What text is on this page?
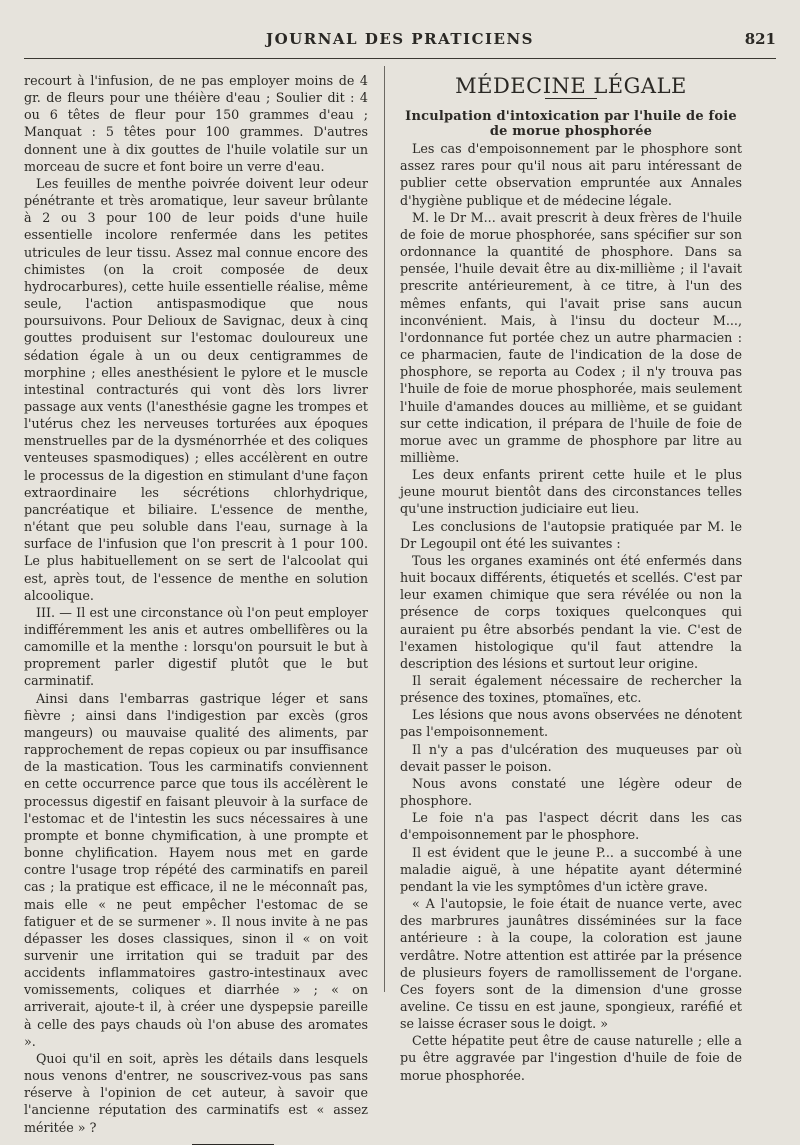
JOURNAL DES PRATICIENS	821

recourt à l'infusion, de ne pas employer moins de 4 gr. de fleurs pour une théière d'eau ; Soulier dit : 4 ou 6 têtes de fleur pour 150 grammes d'eau ; Manquat : 5 têtes pour 100 grammes. D'autres donnent une à dix gouttes de l'huile volatile sur un morceau de sucre et font boire un verre d'eau.

Les feuilles de menthe poivrée doivent leur odeur pénétrante et très aromatique, leur saveur brûlante à 2 ou 3 pour 100 de leur poids d'une huile essentielle incolore renfermée dans les petites utricules de leur tissu. Assez mal connue encore des chimistes (on la croit composée de deux hydrocarbures), cette huile essentielle réalise, même seule, l'action antispasmodique que nous poursuivons. Pour Delioux de Savignac, deux à cinq gouttes produisent sur l'estomac douloureux une sédation égale à un ou deux centigrammes de morphine ; elles anesthésient le pylore et le muscle intestinal contracturés qui vont dès lors livrer passage aux vents (l'anesthésie gagne les trompes et l'utérus chez les nerveuses torturées aux époques menstruelles par de la dysménorrhée et des coliques venteuses spasmodiques) ; elles accélèrent en outre le processus de la digestion en stimulant d'une façon extraordinaire les sécrétions chlorhydrique, pancréatique et biliaire. L'essence de menthe, n'étant que peu soluble dans l'eau, surnage à la surface de l'infusion que l'on prescrit à 1 pour 100. Le plus habituellement on se sert de l'alcoolat qui est, après tout, de l'essence de menthe en solution alcoolique.

III. — Il est une circonstance où l'on peut employer indifféremment les anis et autres ombellifères ou la camomille et la menthe : lorsqu'on poursuit le but à proprement parler digestif plutôt que le but carminatif.

Ainsi dans l'embarras gastrique léger et sans fièvre ; ainsi dans l'indigestion par excès (gros mangeurs) ou mauvaise qualité des aliments, par rapprochement de repas copieux ou par insuffisance de la mastication. Tous les carminatifs conviennent en cette occurrence parce que tous ils accélèrent le processus digestif en faisant pleuvoir à la surface de l'estomac et de l'intestin les sucs nécessaires à une prompte et bonne chymification, à une prompte et bonne chylification. Hayem nous met en garde contre l'usage trop répété des carminatifs en pareil cas ; la pratique est efficace, il ne le méconnaît pas, mais elle « ne peut empêcher l'estomac de se fatiguer et de se surmener ». Il nous invite à ne pas dépasser les doses classiques, sinon il « on voit survenir une irritation qui se traduit par des accidents inflammatoires gastro-intestinaux avec vomissements, coliques et diarrhée » ; « on arriverait, ajoute-t il, à créer une dyspepsie pareille à celle des pays chauds où l'on abuse des aromates ».

Quoi qu'il en soit, après les détails dans lesquels nous venons d'entrer, ne souscrivez-vous pas sans réserve à l'opinion de cet auteur, à savoir que l'ancienne réputation des carminatifs est « assez méritée » ?

MÉDECINE LÉGALE
Inculpation d'intoxication par l'huile de foie de morue phosphorée

Les cas d'empoisonnement par le phosphore sont assez rares pour qu'il nous ait paru intéressant de publier cette observation empruntée aux Annales d'hygiène publique et de médecine légale.

M. le Dr M... avait prescrit à deux frères de l'huile de foie de morue phosphorée, sans spécifier sur son ordonnance la quantité de phosphore. Dans sa pensée, l'huile devait être au dix-millième ; il l'avait prescrite antérieurement, à ce titre, à l'un des mêmes enfants, qui l'avait prise sans aucun inconvénient. Mais, à l'insu du docteur M..., l'ordonnance fut portée chez un autre pharmacien : ce pharmacien, faute de l'indication de la dose de phosphore, se reporta au Codex ; il n'y trouva pas l'huile de foie de morue phosphorée, mais seulement l'huile d'amandes douces au millième, et se guidant sur cette indication, il prépara de l'huile de foie de morue avec un gramme de phosphore par litre au millième.

Les deux enfants prirent cette huile et le plus jeune mourut bientôt dans des circonstances telles qu'une instruction judiciaire eut lieu.

Les conclusions de l'autopsie pratiquée par M. le Dr Legoupil ont été les suivantes :

Tous les organes examinés ont été enfermés dans huit bocaux différents, étiquetés et scellés. C'est par leur examen chimique que sera révélée ou non la présence de corps toxiques quelconques qui auraient pu être absorbés pendant la vie. C'est de l'examen histologique qu'il faut attendre la description des lésions et surtout leur origine.

Il serait également nécessaire de rechercher la présence des toxines, ptomaïnes, etc.

Les lésions que nous avons observées ne dénotent pas l'empoisonnement.

Il n'y a pas d'ulcération des muqueuses par où devait passer le poison.

Nous avons constaté une légère odeur de phosphore.

Le foie n'a pas l'aspect décrit dans les cas d'empoisonnement par le phosphore.

Il est évident que le jeune P... a succombé à une maladie aiguë, à une hépatite ayant déterminé pendant la vie les symptômes d'un ictère grave.

« A l'autopsie, le foie était de nuance verte, avec des marbrures jaunâtres disséminées sur la face antérieure : à la coupe, la coloration est jaune verdâtre. Notre attention est attirée par la présence de plusieurs foyers de ramollissement de l'organe. Ces foyers sont de la dimension d'une grosse aveline. Ce tissu en est jaune, spongieux, raréfié et se laisse écraser sous le doigt. »

Cette hépatite peut être de cause naturelle ; elle a pu être aggravée par l'ingestion d'huile de foie de morue phosphorée.
